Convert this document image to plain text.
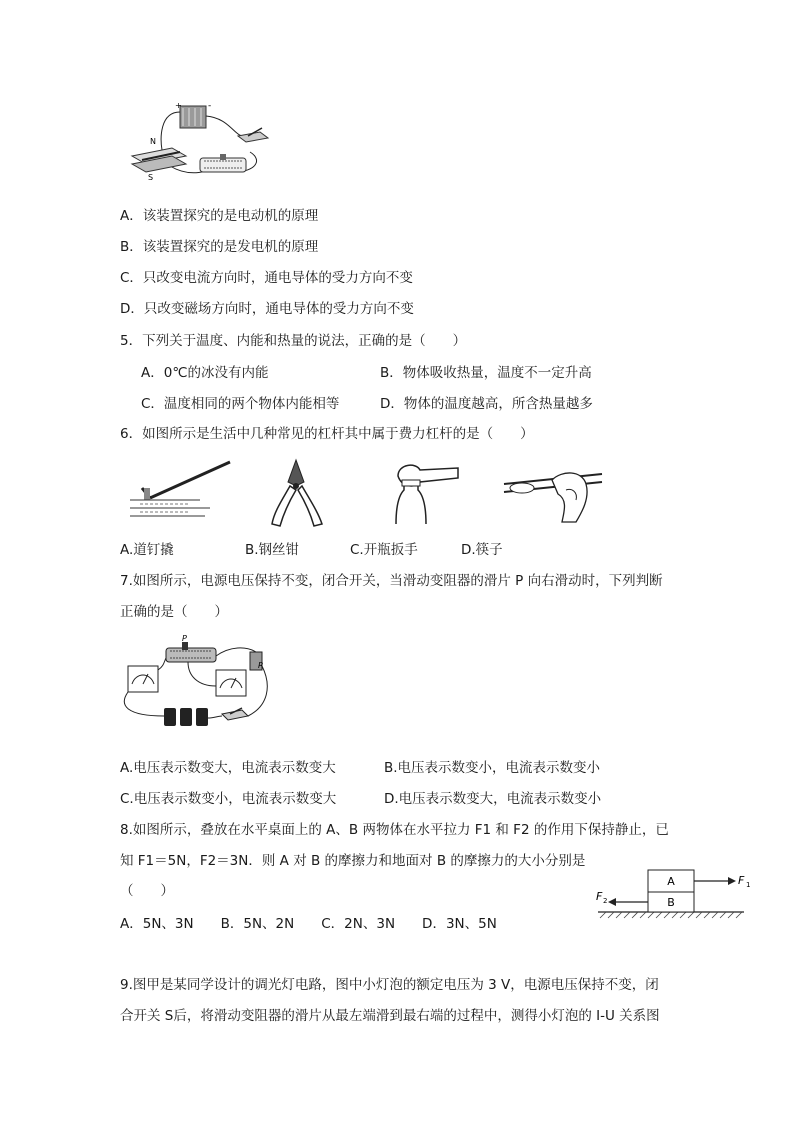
+	-
N
S
A．该装置探究的是电动机的原理
B．该装置探究的是发电机的原理
C．只改变电流方向时，通电导体的受力方向不变
D．只改变磁场方向时，通电导体的受力方向不变
5．下列关于温度、内能和热量的说法，正确的是（　　）
A．0℃的冰没有内能	B．物体吸收热量，温度不一定升高
C．温度相同的两个物体内能相等	D．物体的温度越高，所含热量越多
6．如图所示是生活中几种常见的杠杆其中属于费力杠杆的是（　　）
A.道钉撬	B.钢丝钳	C.开瓶扳手	D.筷子
7.如图所示，电源电压保持不变，闭合开关，当滑动变阻器的滑片 P 向右滑动时，下列判断
正确的是（　　）
P
R
A.电压表示数变大，电流表示数变大	B.电压表示数变小，电流表示数变小
C.电压表示数变小，电流表示数变大	D.电压表示数变大，电流表示数变小
8.如图所示，叠放在水平桌面上的 A、B 两物体在水平拉力 F1 和 F2 的作用下保持静止，已
知 F1＝5N，F2＝3N．则 A 对 B 的摩擦力和地面对 B 的摩擦力的大小分别是
（　　）
A．5N、3N　　B．5N、2N　　C．2N、3N　　D．3N、5N
A
B
F 1
F 2
9.图甲是某同学设计的调光灯电路，图中小灯泡的额定电压为 3 V，电源电压保持不变，闭
合开关 S后，将滑动变阻器的滑片从最左端滑到最右端的过程中，测得小灯泡的 I-U 关系图
